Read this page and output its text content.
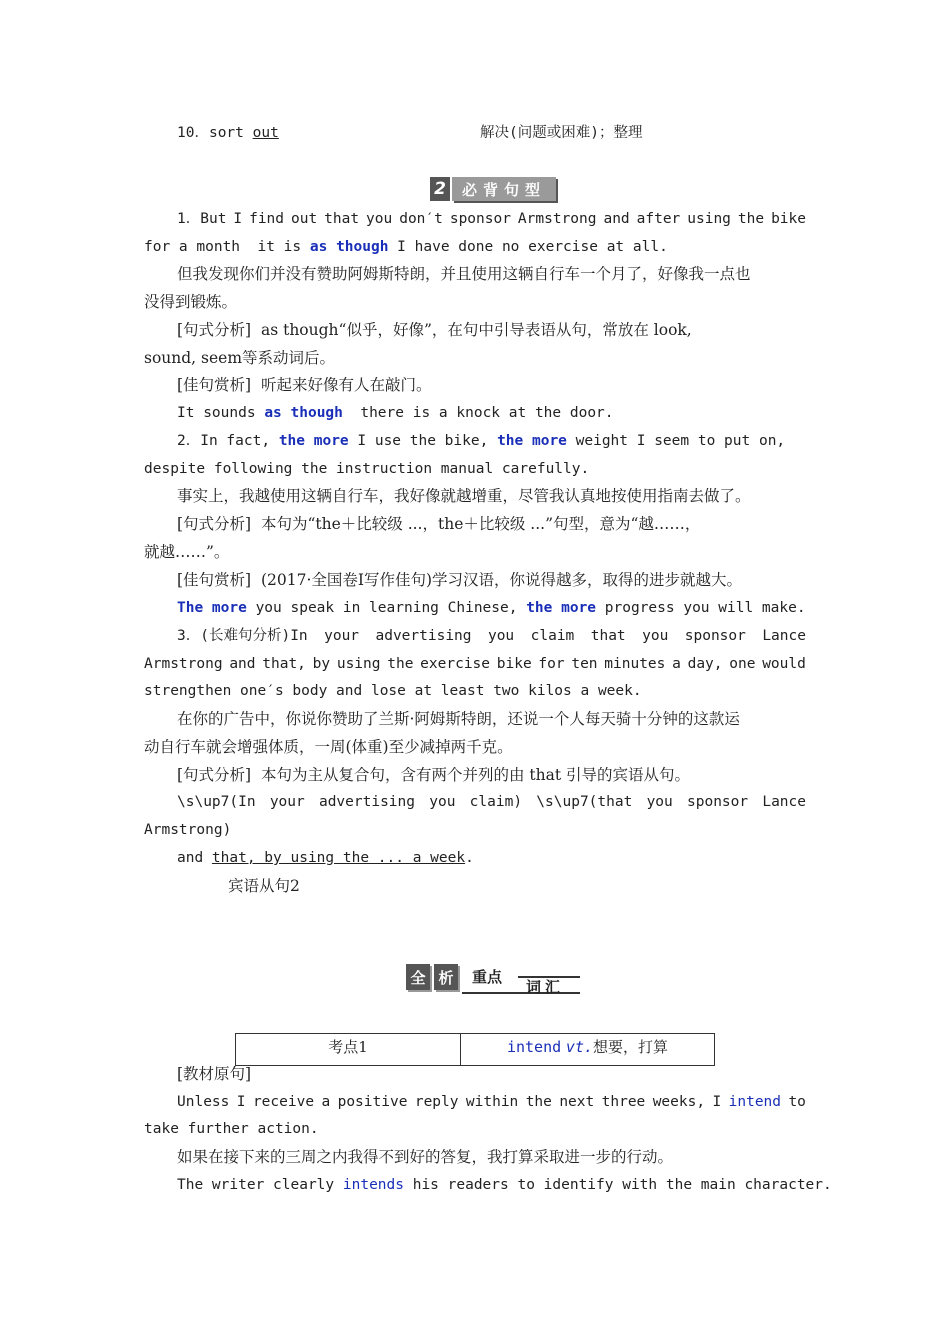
10．sort out	解决(问题或困难)；整理
2	必背句型
1．But I find out that you don′t sponsor Armstrong and after using the bike
for a month  it is as though I have done no exercise at all.
但我发现你们并没有赞助阿姆斯特朗，并且使用这辆自行车一个月了，好像我一点也
没得到锻炼。
[句式分析]  as though“似乎，好像”，在句中引导表语从句，常放在 look,
sound, seem等系动词后。
[佳句赏析]  听起来好像有人在敲门。
It sounds as though  there is a knock at the door.
2．In fact, the more I use the bike, the more weight I seem to put on,
despite following the instruction manual carefully.
事实上，我越使用这辆自行车，我好像就越增重，尽管我认真地按使用指南去做了。
[句式分析]  本句为“the＋比较级 ...，the＋比较级 ...”句型，意为“越……，
就越……”。
[佳句赏析]  (2017·全国卷Ⅰ写作佳句)学习汉语，你说得越多，取得的进步就越大。
The more you speak in learning Chinese, the more progress you will make.
3．(长难句分析)In your advertising you claim that you sponsor Lance
Armstrong and that, by using the exercise bike for ten minutes a day, one would
strengthen one′s body and lose at least two kilos a week.
在你的广告中，你说你赞助了兰斯·阿姆斯特朗，还说一个人每天骑十分钟的这款运
动自行车就会增强体质，一周(体重)至少减掉两千克。
[句式分析]  本句为主从复合句，含有两个并列的由 that 引导的宾语从句。
\s\up7(In your advertising you claim) \s\up7(that you sponsor Lance
Armstrong)
and that, by using the ... a week.
宾语从句2
全 析	重点
词汇
考点1	intend vt.想要，打算
[教材原句]
Unless I receive a positive reply within the next three weeks, I intend to
take further action.
如果在接下来的三周之内我得不到好的答复，我打算采取进一步的行动。
The writer clearly intends his readers to identify with the main character.
